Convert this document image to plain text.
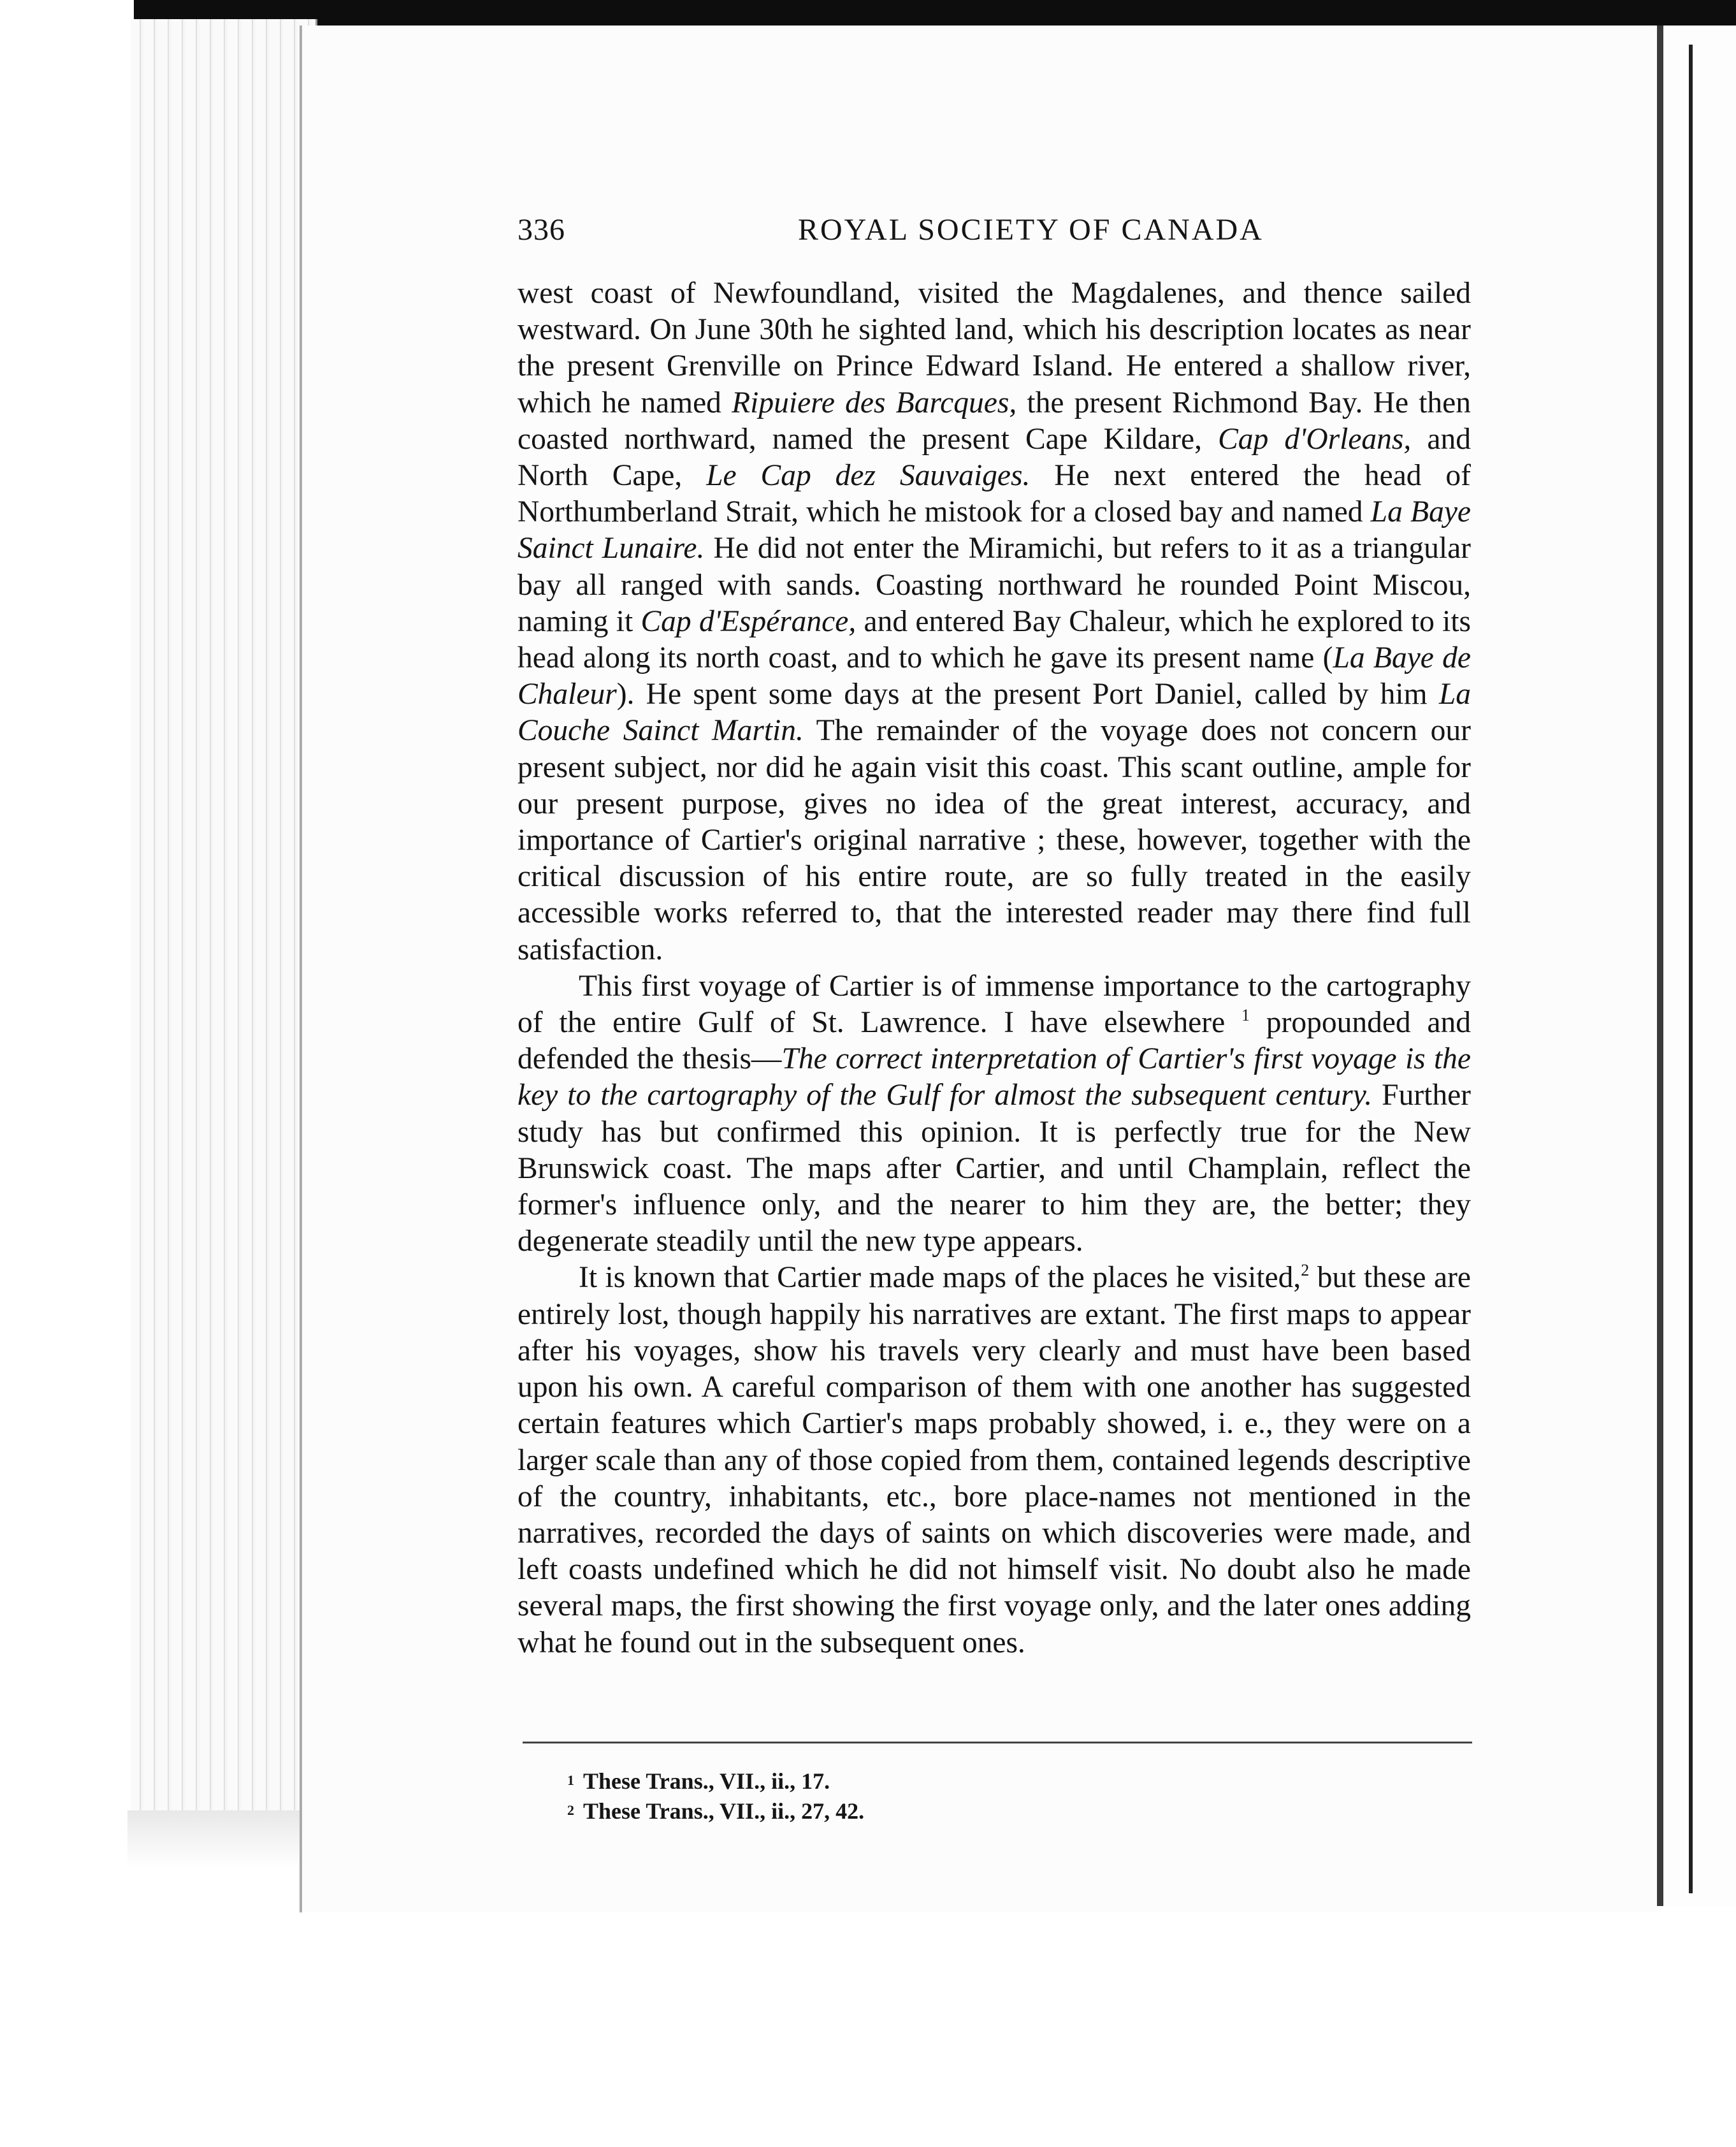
336	ROYAL SOCIETY OF CANADA

west coast of Newfoundland, visited the Magdalenes, and thence sailed westward. On June 30th he sighted land, which his description locates as near the present Grenville on Prince Edward Island. He entered a shallow river, which he named Ripuiere des Barcques, the present Richmond Bay. He then coasted northward, named the present Cape Kildare, Cap d'Orleans, and North Cape, Le Cap dez Sauvaiges. He next entered the head of Northumberland Strait, which he mistook for a closed bay and named La Baye Sainct Lunaire. He did not enter the Miramichi, but refers to it as a triangular bay all ranged with sands. Coasting northward he rounded Point Miscou, naming it Cap d'Espérance, and entered Bay Chaleur, which he explored to its head along its north coast, and to which he gave its present name (La Baye de Chaleur). He spent some days at the present Port Daniel, called by him La Couche Sainct Martin. The remainder of the voyage does not concern our present subject, nor did he again visit this coast. This scant outline, ample for our present purpose, gives no idea of the great interest, accuracy, and importance of Cartier's original narrative ; these, however, together with the critical discussion of his entire route, are so fully treated in the easily accessible works referred to, that the interested reader may there find full satisfaction.

This first voyage of Cartier is of immense importance to the cartography of the entire Gulf of St. Lawrence. I have elsewhere $^1$ propounded and defended the thesis—The correct interpretation of Cartier's first voyage is the key to the cartography of the Gulf for almost the subsequent century. Further study has but confirmed this opinion. It is perfectly true for the New Brunswick coast. The maps after Cartier, and until Champlain, reflect the former's influence only, and the nearer to him they are, the better; they degenerate steadily until the new type appears.

It is known that Cartier made maps of the places he visited,$^2$ but these are entirely lost, though happily his narratives are extant. The first maps to appear after his voyages, show his travels very clearly and must have been based upon his own. A careful comparison of them with one another has suggested certain features which Cartier's maps probably showed, i. e., they were on a larger scale than any of those copied from them, contained legends descriptive of the country, inhabitants, etc., bore place-names not mentioned in the narratives, recorded the days of saints on which discoveries were made, and left coasts undefined which he did not himself visit. No doubt also he made several maps, the first showing the first voyage only, and the later ones adding what he found out in the subsequent ones.

$^1$ These Trans., VII., ii., 17.
$^2$ These Trans., VII., ii., 27, 42.
